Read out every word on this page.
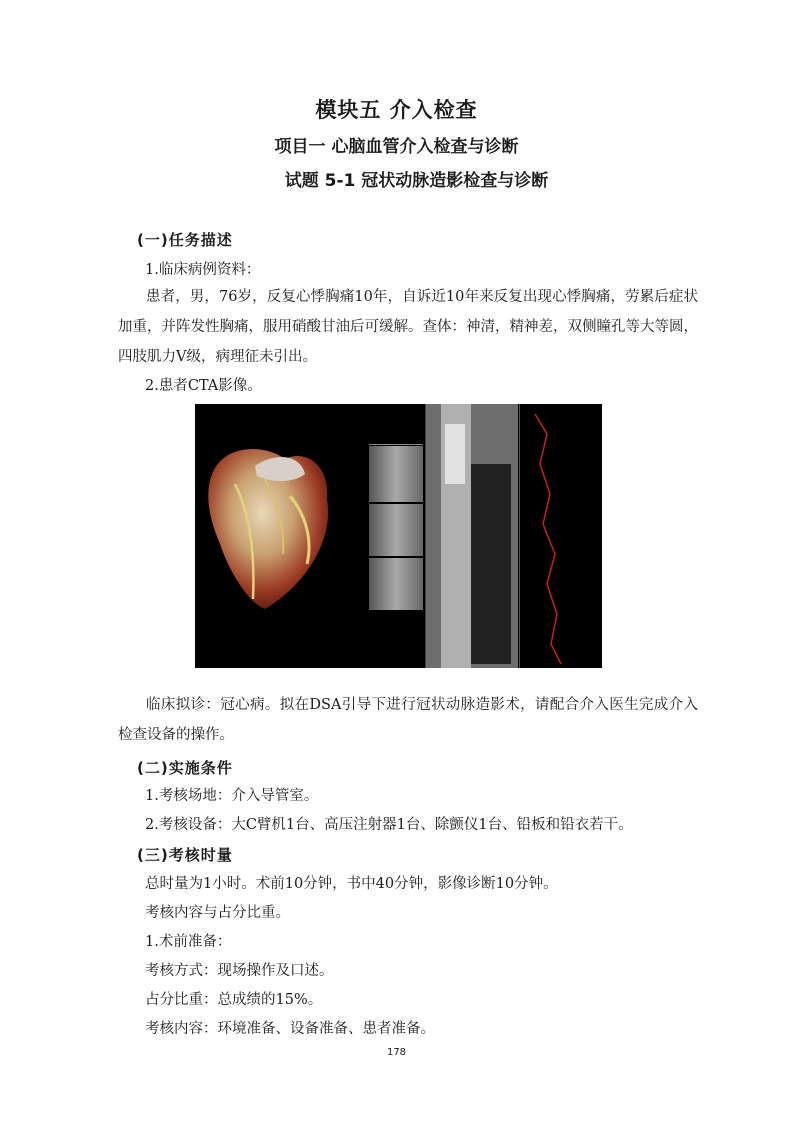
模块五 介入检查
项目一 心脑血管介入检查与诊断
试题 5-1 冠状动脉造影检查与诊断
(一)任务描述
1.临床病例资料：
患者，男，76岁，反复心悸胸痛10年，自诉近10年来反复出现心悸胸痛，劳累后症状加重，并阵发性胸痛，服用硝酸甘油后可缓解。查体：神清，精神差，双侧瞳孔等大等圆，四肢肌力V级，病理征未引出。
2.患者CTA影像。
临床拟诊：冠心病。拟在DSA引导下进行冠状动脉造影术，请配合介入医生完成介入检查设备的操作。
(二)实施条件
1.考核场地：介入导管室。
2.考核设备：大C臂机1台、高压注射器1台、除颤仪1台、铅板和铅衣若干。
(三)考核时量
总时量为1小时。术前10分钟，书中40分钟，影像诊断10分钟。
考核内容与占分比重。
1.术前准备：
考核方式：现场操作及口述。
占分比重：总成绩的15%。
考核内容：环境准备、设备准备、患者准备。
178
